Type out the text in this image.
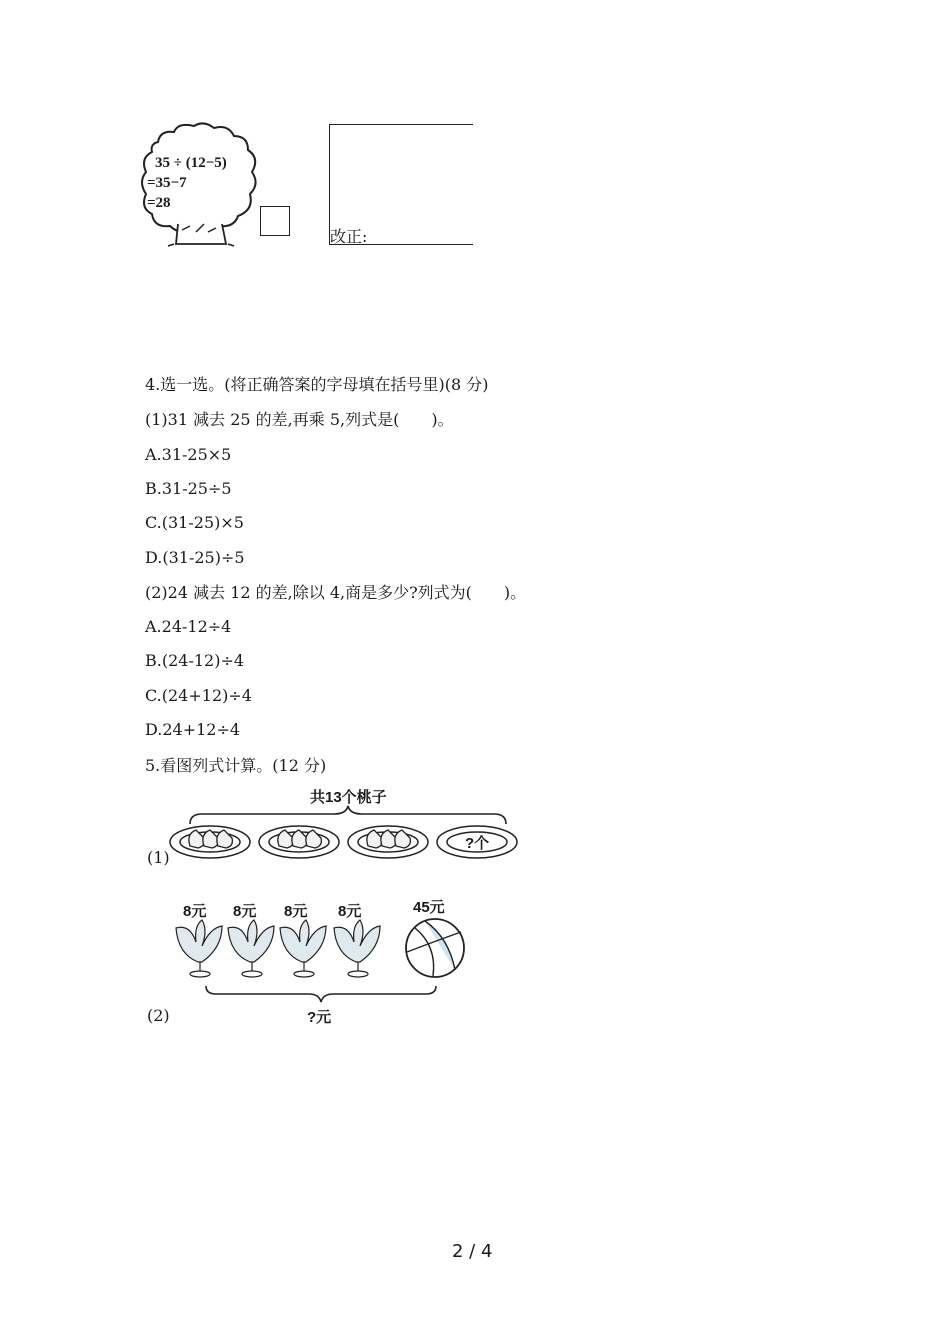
35 ÷ (12−5)
=35−7
=28
改正:
4.选一选。(将正确答案的字母填在括号里)(8 分)
(1)31 减去 25 的差,再乘 5,列式是(　　)。
A.31-25×5
B.31-25÷5
C.(31-25)×5
D.(31-25)÷5
(2)24 减去 12 的差,除以 4,商是多少?列式为(　　)。
A.24-12÷4
B.(24-12)÷4
C.(24+12)÷4
D.24+12÷4
5.看图列式计算。(12 分)
共13个桃子
?个
(1)
8元 8元 8元 8元	45元
?元
(2)
2 / 4
